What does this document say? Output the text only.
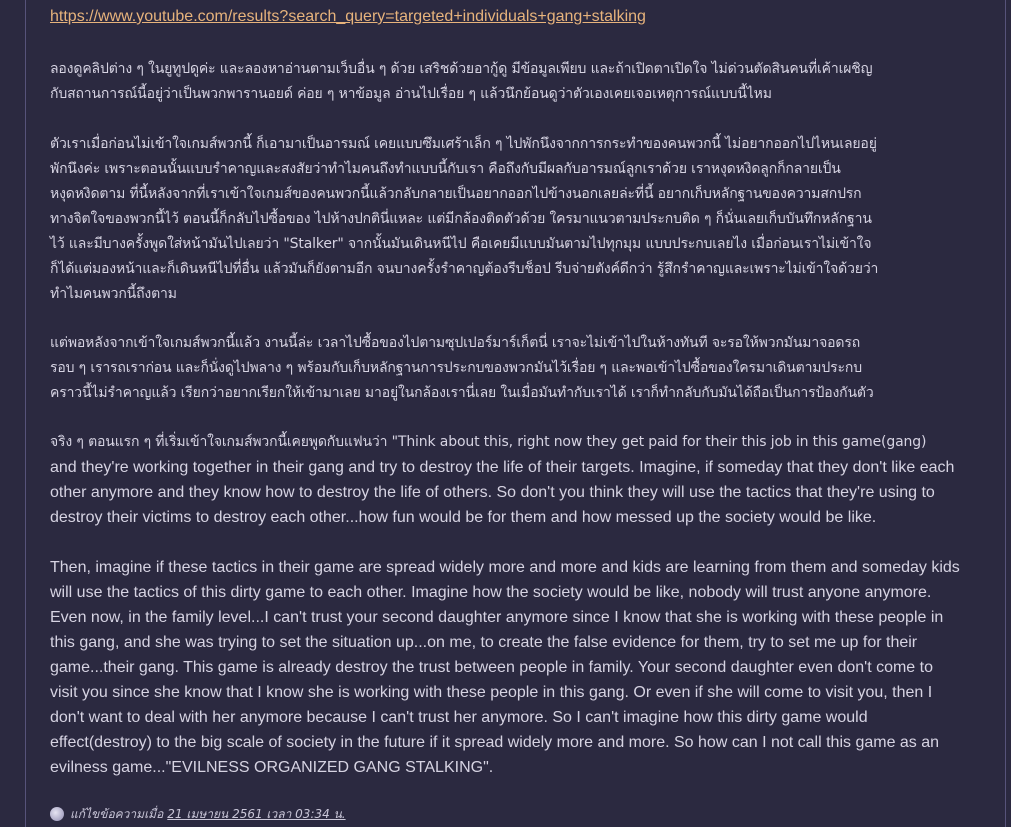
https://www.youtube.com/results?search_query=targeted+individuals+gang+stalking

ลองดูคลิปต่าง ๆ ในยูทูปดูค่ะ และลองหาอ่านตามเว็บอื่น ๆ ด้วย เสริชด้วยอากู้ดู มีข้อมูลเพียบ และถ้าเปิดตาเปิดใจ ไม่ด่วนตัดสินคนที่เค้าเผชิญ
กับสถานการณ์นี้อยู่ว่าเป็นพวกพารานอยด์ ค่อย ๆ หาข้อมูล อ่านไปเรื่อย ๆ แล้วนึกย้อนดูว่าตัวเองเคยเจอเหตุการณ์แบบนี้ไหม

ตัวเราเมื่อก่อนไม่เข้าใจเกมส์พวกนี้ ก็เอามาเป็นอารมณ์ เคยแบบซึมเศร้าเล็ก ๆ ไปพักนึงจากการกระทำของคนพวกนี้ ไม่อยากออกไปไหนเลยอยู่
พักนึงค่ะ เพราะตอนนั้นแบบรำคาญและสงสัยว่าทำไมคนถึงทำแบบนี้กับเรา คือถึงกับมีผลกับอารมณ์ลูกเราด้วย เราหงุดหงิดลูกก็กลายเป็น
หงุดหงิดตาม ที่นี้หลังจากที่เราเข้าใจเกมส์ของคนพวกนี้แล้วกลับกลายเป็นอยากออกไปข้างนอกเลยล่ะที่นี้ อยากเก็บหลักฐานของความสกปรก
ทางจิตใจของพวกนี้ไว้ ตอนนี้ก็กลับไปซื้อของ ไปห้างปกตินี่แหละ แต่มีกล้องติดตัวด้วย ใครมาแนวตามประกบติด ๆ ก็นั่นเลยเก็บบันทึกหลักฐาน
ไว้ และมีบางครั้งพูดใส่หน้ามันไปเลยว่า "Stalker" จากนั้นมันเดินหนีไป คือเคยมีแบบมันตามไปทุกมุม แบบประกบเลยไง เมื่อก่อนเราไม่เข้าใจ
ก็ได้แต่มองหน้าและก็เดินหนีไปที่อื่น แล้วมันก็ยังตามอีก จนบางครั้งรำคาญต้องรีบช็อป รีบจ่ายตังค์ดีกว่า รู้สึกรำคาญและเพราะไม่เข้าใจด้วยว่า
ทำไมคนพวกนี้ถึงตาม

แต่พอหลังจากเข้าใจเกมส์พวกนี้แล้ว งานนี้ล่ะ เวลาไปซื้อของไปตามซุปเปอร์มาร์เก็ตนี่ เราจะไม่เข้าไปในห้างทันที จะรอให้พวกมันมาจอดรถ
รอบ ๆ เรารถเราก่อน และก็นั่งดูไปพลาง ๆ พร้อมกับเก็บหลักฐานการประกบของพวกมันไว้เรื่อย ๆ และพอเข้าไปซื้อของใครมาเดินตามประกบ
คราวนี้ไม่รำคาญแล้ว เรียกว่าอยากเรียกให้เข้ามาเลย มาอยู่ในกล้องเรานี่เลย ในเมื่อมันทำกับเราได้ เราก็ทำกลับกับมันได้ถือเป็นการป้องกันตัว

จริง ๆ ตอนแรก ๆ ที่เริ่มเข้าใจเกมส์พวกนี้เคยพูดกับแฟนว่า "Think about this, right now they get paid for their this job in this game(gang)

and they're working together in their gang and try to destroy the life of their targets. Imagine, if someday that they don't like each
other anymore and they know how to destroy the life of others. So don't you think they will use the tactics that they're using to
destroy their victims to destroy each other...how fun would be for them and how messed up the society would be like.

Then, imagine if these tactics in their game are spread widely more and more and kids are learning from them and someday kids
will use the tactics of this dirty game to each other. Imagine how the society would be like, nobody will trust anyone anymore.
Even now, in the family level...I can't trust your second daughter anymore since I know that she is working with these people in
this gang, and she was trying to set the situation up...on me, to create the false evidence for them, try to set me up for their
game...their gang. This game is already destroy the trust between people in family. Your second daughter even don't come to
visit you since she know that I know she is working with these people in this gang. Or even if she will come to visit you, then I
don't want to deal with her anymore because I can't trust her anymore. So I can't imagine how this dirty game would
effect(destroy) to the big scale of society in the future if it spread widely more and more. So how can I not call this game as an
evilness game..."EVILNESS ORGANIZED GANG STALKING".

แก้ไขข้อความเมื่อ 21 เมษายน 2561 เวลา 03:34 น.
